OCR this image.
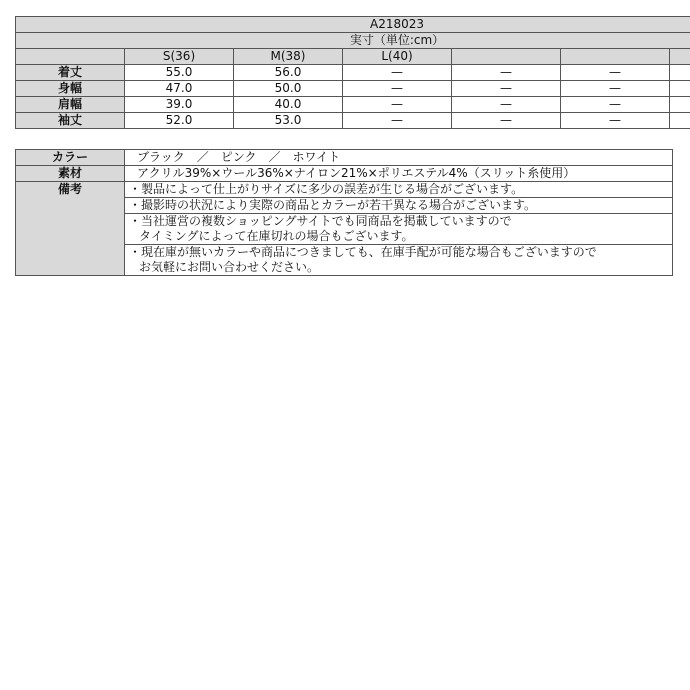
A218023						
実寸（単位:cm）						
	S(36)	M(38)	L(40)			
着丈	55.0	56.0	—	—	—	
身幅	47.0	50.0	—	—	—	
肩幅	39.0	40.0	—	—	—	
袖丈	52.0	53.0	—	—	—	
カラー	ブラック　／　ピンク　／　ホワイト
素材	アクリル39%×ウール36%×ナイロン21%×ポリエステル4%（スリット糸使用）
備考	・製品によって仕上がりサイズに多少の誤差が生じる場合がございます。

	・撮影時の状況により実際の商品とカラーが若干異なる場合がございます。

	・当社運営の複数ショッピングサイトでも同商品を掲載していますので
タイミングによって在庫切れの場合もございます。

	・現在庫が無いカラーや商品につきましても、在庫手配が可能な場合もございますので
お気軽にお問い合わせください。
